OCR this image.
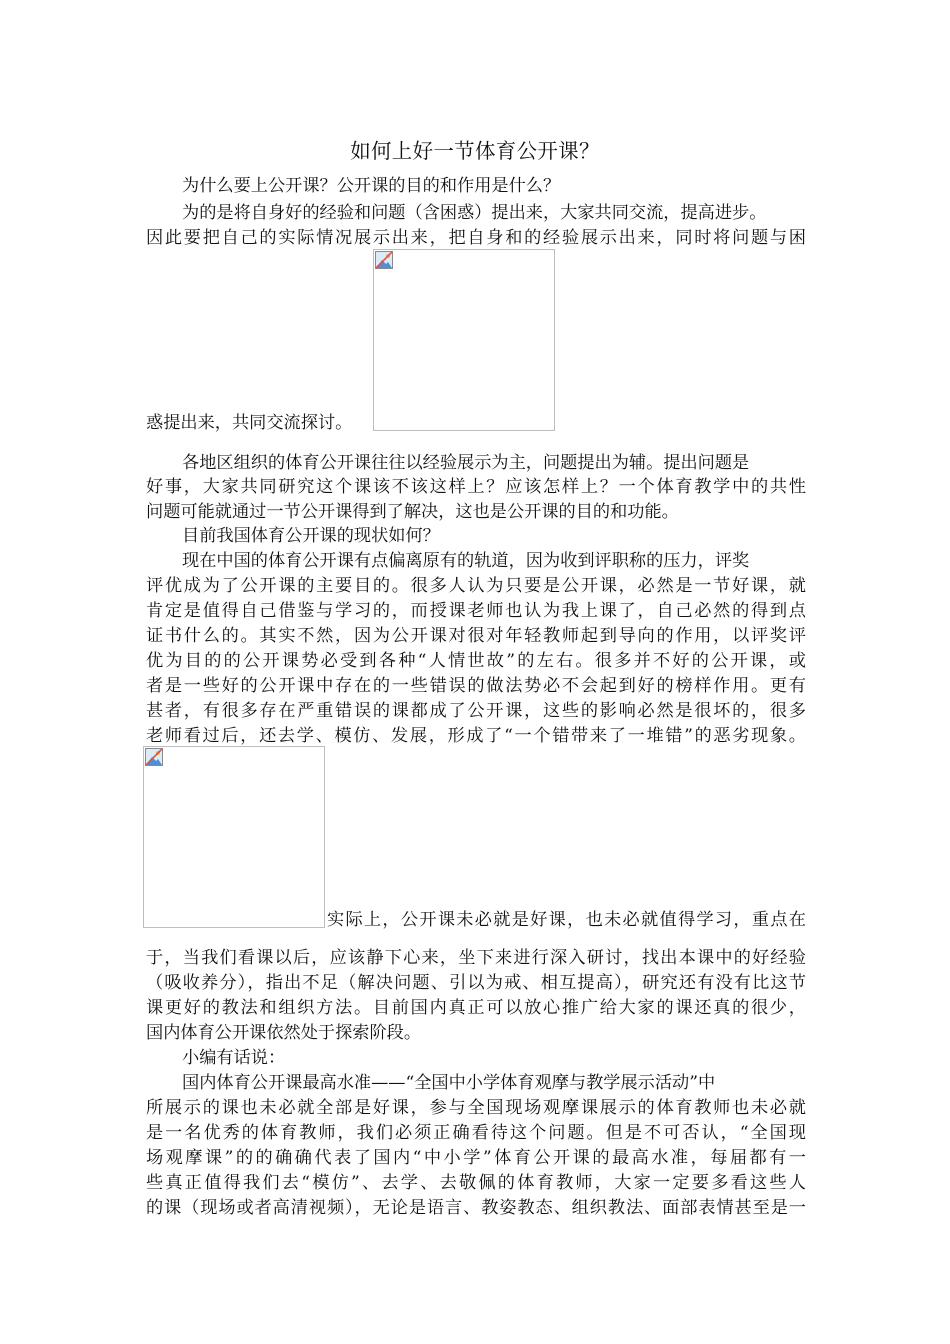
如何上好一节体育公开课？
为什么要上公开课？公开课的目的和作用是什么？
为的是将自身好的经验和问题（含困惑）提出来，大家共同交流，提高进步。
因此要把自己的实际情况展示出来，把自身和的经验展示出来，同时将问题与困
惑提出来，共同交流探讨。
各地区组织的体育公开课往往以经验展示为主，问题提出为辅。提出问题是
好事，大家共同研究这个课该不该这样上？应该怎样上？一个体育教学中的共性
问题可能就通过一节公开课得到了解决，这也是公开课的目的和功能。
目前我国体育公开课的现状如何？
现在中国的体育公开课有点偏离原有的轨道，因为收到评职称的压力，评奖
评优成为了公开课的主要目的。很多人认为只要是公开课，必然是一节好课，就
肯定是值得自己借鉴与学习的，而授课老师也认为我上课了，自己必然的得到点
证书什么的。其实不然，因为公开课对很对年轻教师起到导向的作用，以评奖评
优为目的的公开课势必受到各种“人情世故”的左右。很多并不好的公开课，或
者是一些好的公开课中存在的一些错误的做法势必不会起到好的榜样作用。更有
甚者，有很多存在严重错误的课都成了公开课，这些的影响必然是很坏的，很多
老师看过后，还去学、模仿、发展，形成了“一个错带来了一堆错”的恶劣现象。
实际上，公开课未必就是好课，也未必就值得学习，重点在
于，当我们看课以后，应该静下心来，坐下来进行深入研讨，找出本课中的好经验
（吸收养分），指出不足（解决问题、引以为戒、相互提高），研究还有没有比这节
课更好的教法和组织方法。目前国内真正可以放心推广给大家的课还真的很少，
国内体育公开课依然处于探索阶段。
小编有话说：
国内体育公开课最高水准——“全国中小学体育观摩与教学展示活动”中
所展示的课也未必就全部是好课，参与全国现场观摩课展示的体育教师也未必就
是一名优秀的体育教师，我们必须正确看待这个问题。但是不可否认，“全国现
场观摩课”的的确确代表了国内“中小学”体育公开课的最高水准，每届都有一
些真正值得我们去“模仿”、去学、去敬佩的体育教师，大家一定要多看这些人
的课（现场或者高清视频），无论是语言、教姿教态、组织教法、面部表情甚至是一
